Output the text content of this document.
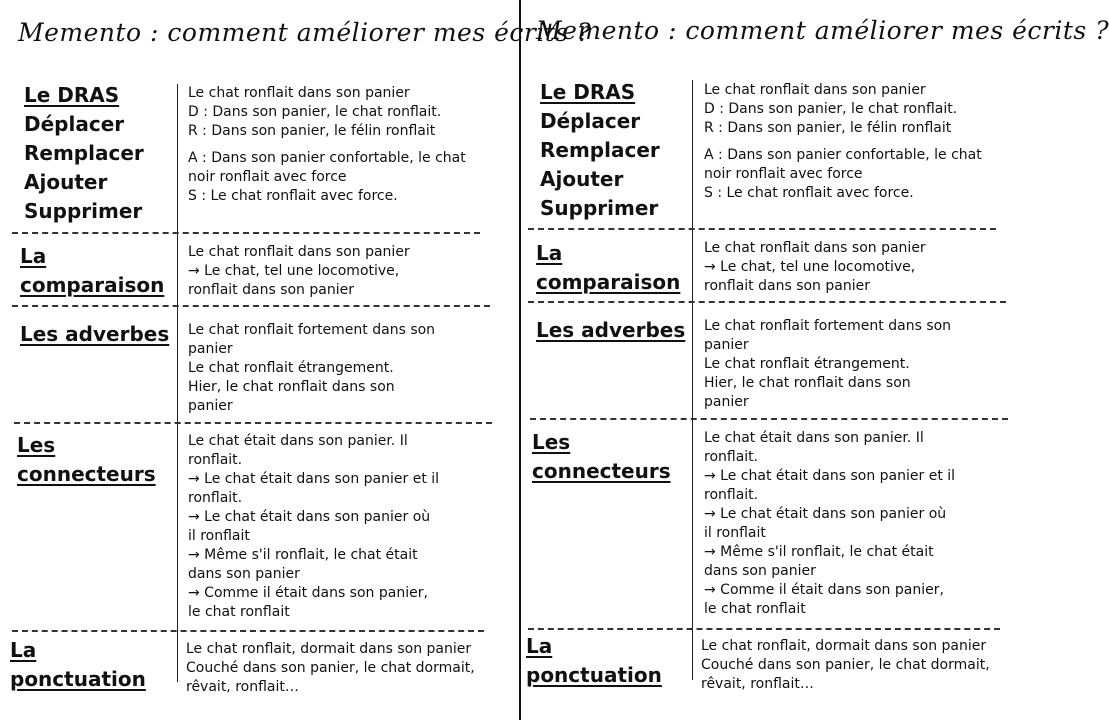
Memento : comment améliorer mes écrits ?
Le DRAS
Déplacer
Remplacer
Ajouter
Supprimer
Le chat ronflait dans son panier
D : Dans son panier, le chat ronflait.
R : Dans son panier, le félin ronflait
A : Dans son panier confortable, le chat
noir ronflait avec force
S : Le chat ronflait avec force.
La
comparaison
Le chat ronflait dans son panier
→ Le chat, tel une locomotive,
ronflait dans son panier
Les adverbes Le chat ronflait fortement dans son
panier
Le chat ronflait étrangement.
Hier, le chat ronflait dans son
panier
Les
connecteurs
Le chat était dans son panier. Il
ronflait.
→ Le chat était dans son panier et il
ronflait.
→ Le chat était dans son panier où
il ronflait
→ Même s'il ronflait, le chat était
dans son panier
→ Comme il était dans son panier,
le chat ronflait
La
ponctuation
Le chat ronflait, dormait dans son panier
Couché dans son panier, le chat dormait,
rêvait, ronflait…
Memento : comment améliorer mes écrits ?
Le DRAS
Déplacer
Remplacer
Ajouter
Supprimer
Le chat ronflait dans son panier
D : Dans son panier, le chat ronflait.
R : Dans son panier, le félin ronflait
A : Dans son panier confortable, le chat
noir ronflait avec force
S : Le chat ronflait avec force.
La
comparaison
Le chat ronflait dans son panier
→ Le chat, tel une locomotive,
ronflait dans son panier
Les adverbes Le chat ronflait fortement dans son
panier
Le chat ronflait étrangement.
Hier, le chat ronflait dans son
panier
Les
connecteurs
Le chat était dans son panier. Il
ronflait.
→ Le chat était dans son panier et il
ronflait.
→ Le chat était dans son panier où
il ronflait
→ Même s'il ronflait, le chat était
dans son panier
→ Comme il était dans son panier,
le chat ronflait
La
ponctuation
Le chat ronflait, dormait dans son panier
Couché dans son panier, le chat dormait,
rêvait, ronflait…
